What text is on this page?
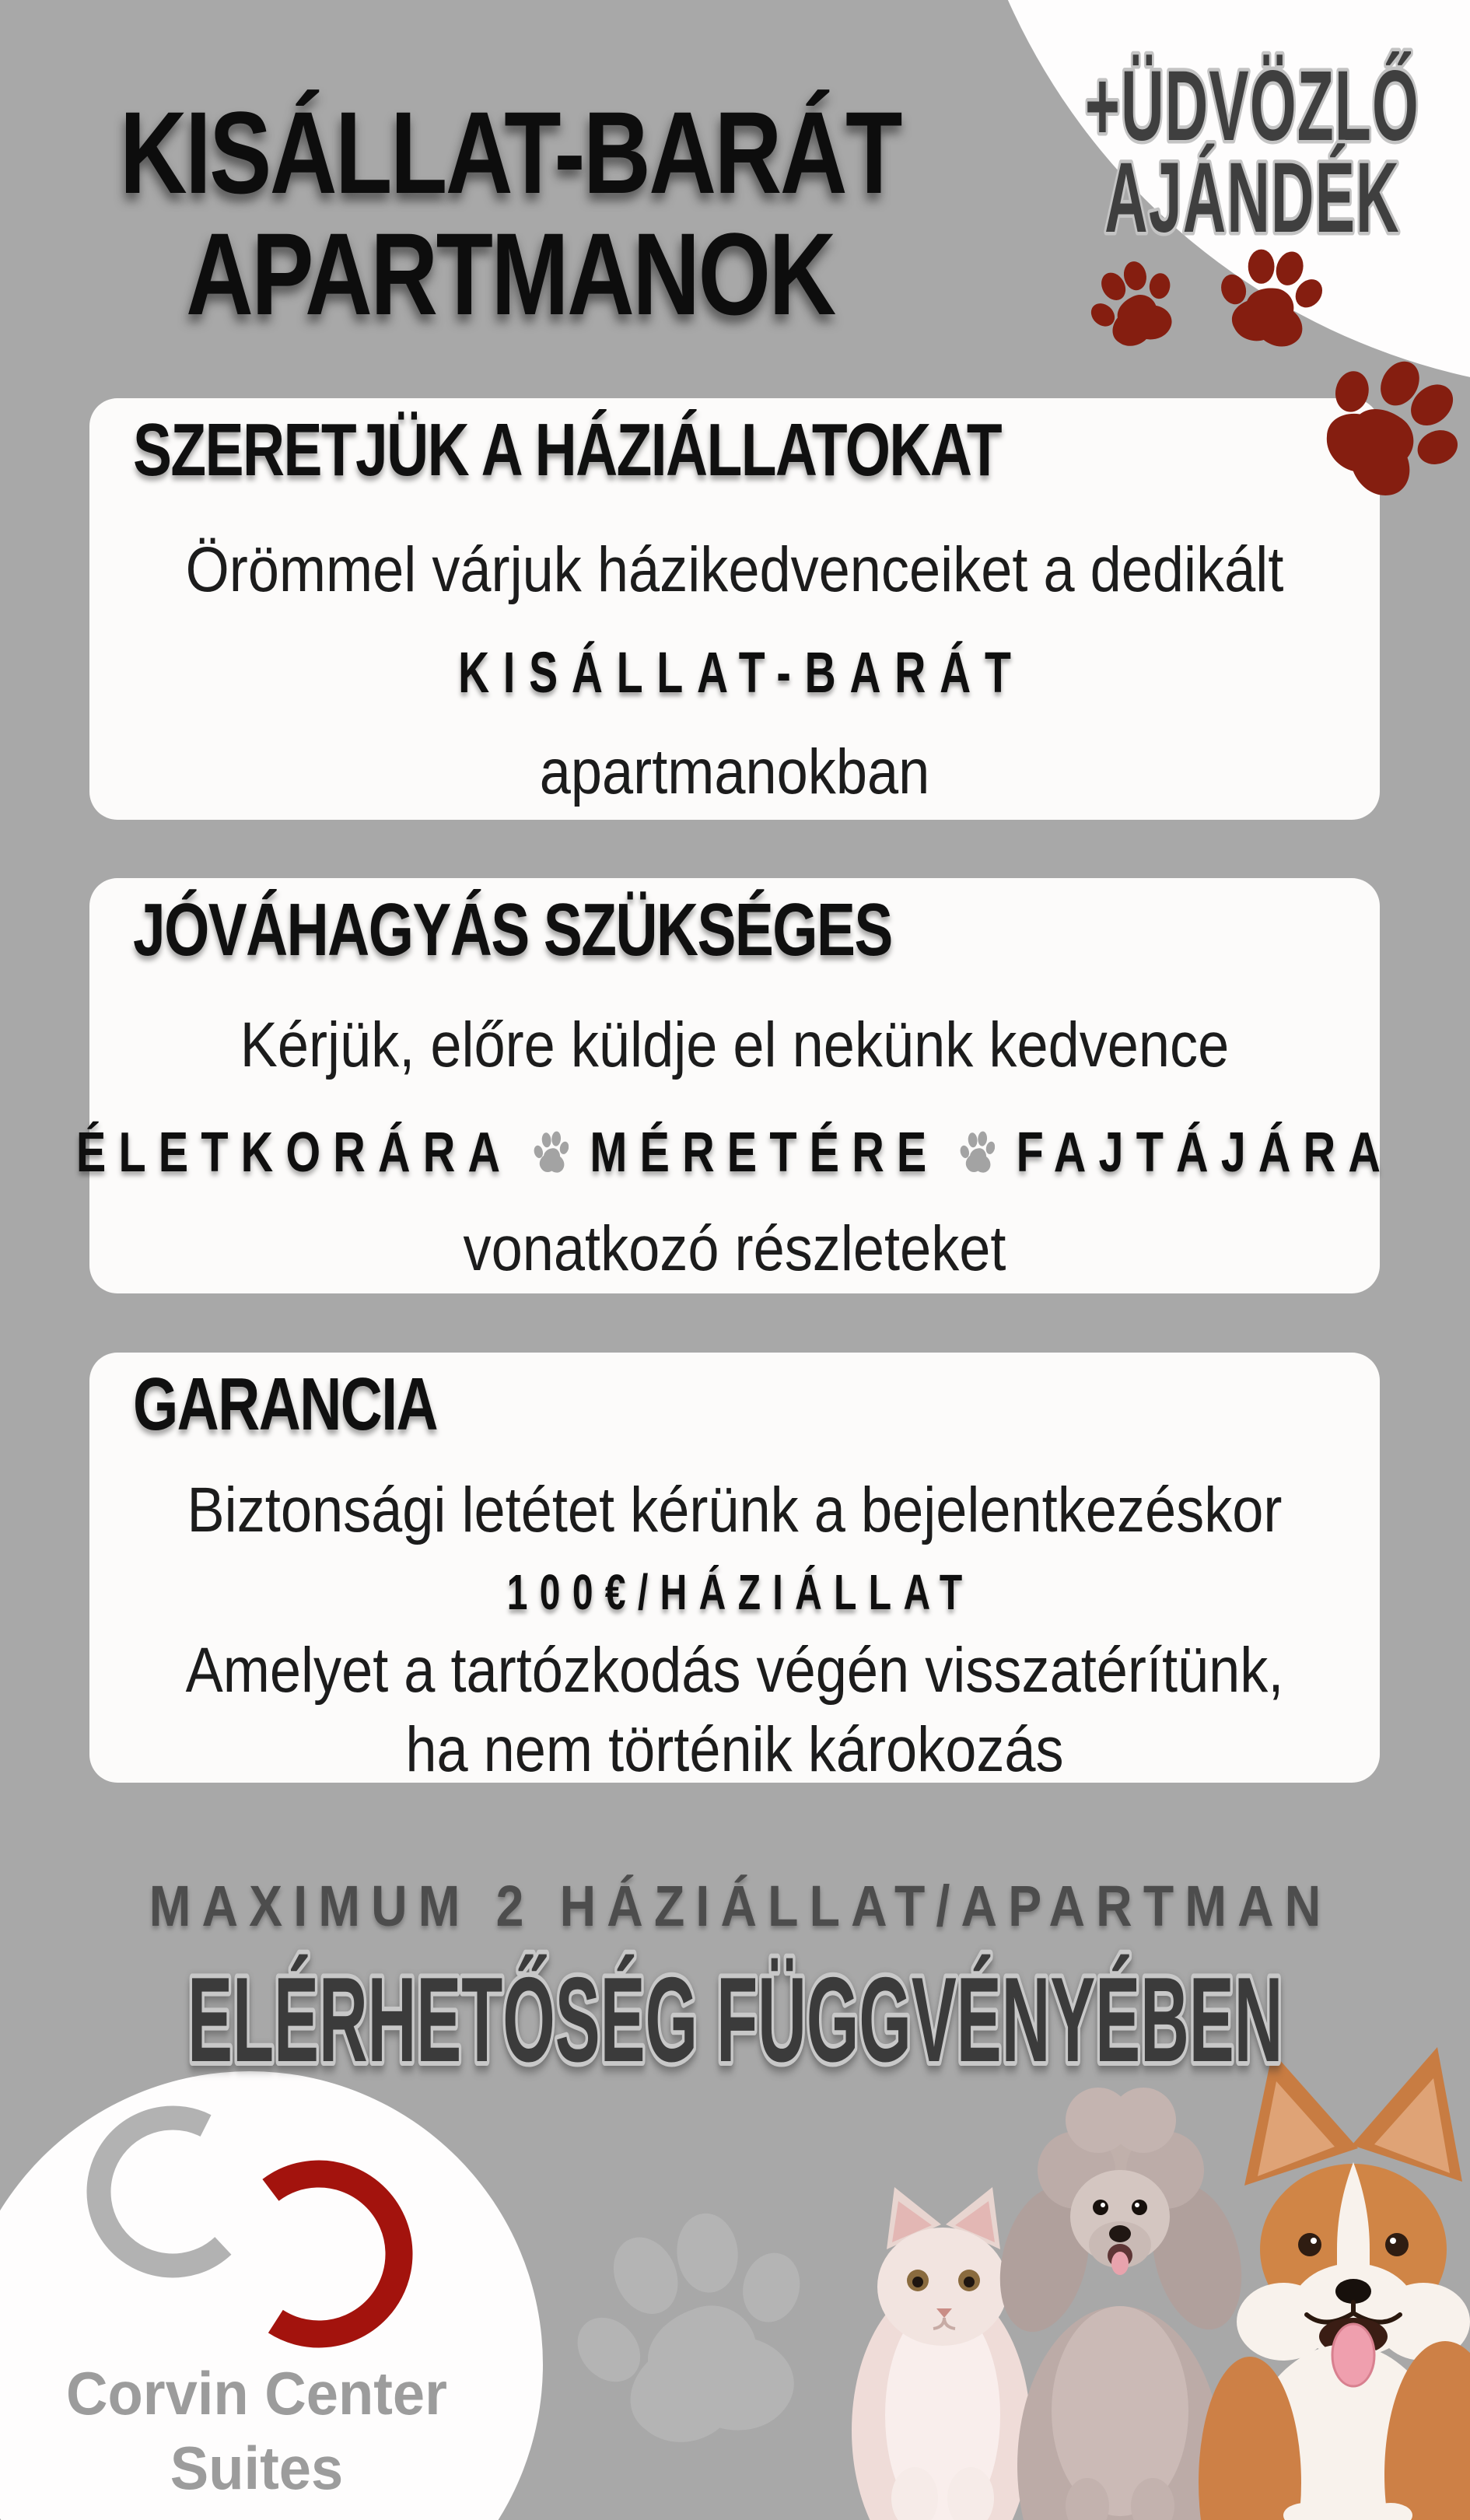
+ÜDVÖZLŐ
AJÁNDÉK
KISÁLLAT-BARÁT
APARTMANOK
SZERETJÜK A HÁZIÁLLATOKAT

Örömmel várjuk házikedvenceiket a dedikált

KISÁLLAT-BARÁT

apartmanokban

JÓVÁHAGYÁS SZÜKSÉGES

Kérjük, előre küldje el nekünk kedvence

ÉLETKORÁRA MÉRETÉRE FAJTÁJÁRA

vonatkozó részleteket

GARANCIA

Biztonsági letétet kérünk a bejelentkezéskor

100€/HÁZIÁLLAT

Amelyet a tartózkodás végén visszatérítünk,

ha nem történik károkozás

MAXIMUM 2 HÁZIÁLLAT/APARTMAN

ELÉRHETŐSÉG FÜGGVÉNYÉBEN

Corvin Center

Suites
